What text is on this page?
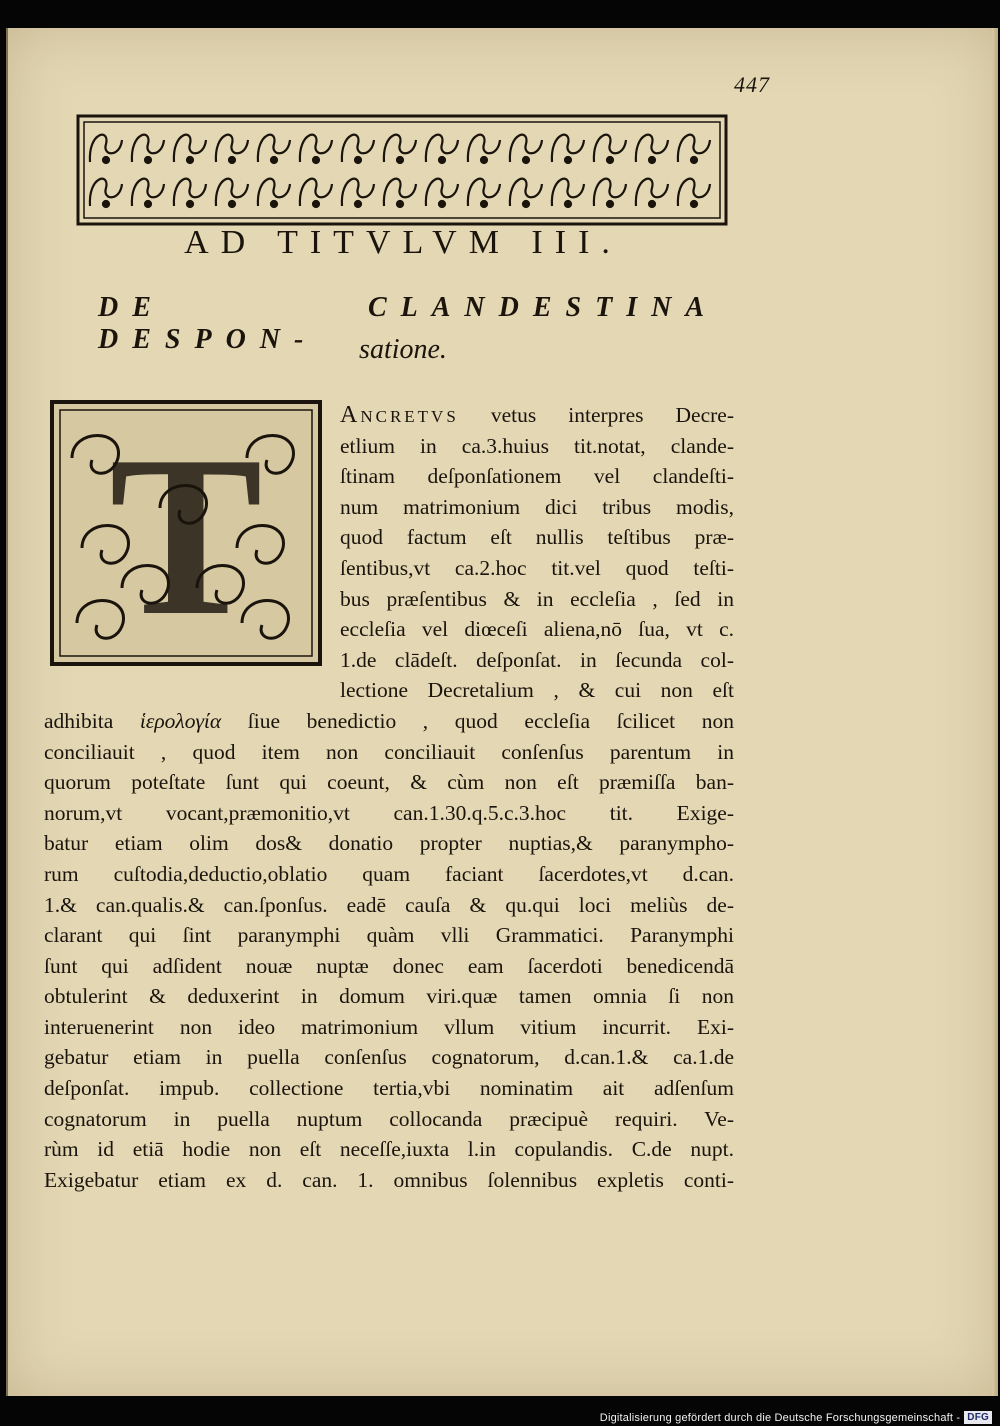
447
AD TITVLVM III.
DE CLANDESTINA DESPON-	satione.
T	Ancretvs vetus interpres Decre-
etlium in ca.3.huius tit.notat, clande-
ſtinam deſponſationem vel clandeſti-
num matrimonium dici tribus modis,
quod factum eſt nullis teſtibus præ-
ſentibus,vt ca.2.hoc tit.vel quod teſti-
bus præſentibus & in eccleſia , ſed in
eccleſia vel diœceſi aliena,nō ſua, vt c.
1.de clādeſt. deſponſat. in ſecunda col-
lectione Decretalium , & cui non eſt
adhibita ἱερολογία ſiue benedictio , quod eccleſia ſcilicet non
conciliauit , quod item non conciliauit conſenſus parentum in
quorum poteſtate ſunt qui coeunt, & cùm non eſt præmiſſa ban-
norum,vt vocant,præmonitio,vt can.1.30.q.5.c.3.hoc tit. Exige-
batur etiam olim dos& donatio propter nuptias,& paranympho-
rum cuſtodia,deductio,oblatio quam faciant ſacerdotes,vt d.can.
1.& can.qualis.& can.ſponſus. eadē cauſa & qu.qui loci meliùs de-
clarant qui ſint paranymphi quàm vlli Grammatici. Paranymphi
ſunt qui adſident nouæ nuptæ donec eam ſacerdoti benedicendā
obtulerint & deduxerint in domum viri.quæ tamen omnia ſi non
interuenerint non ideo matrimonium vllum vitium incurrit. Exi-
gebatur etiam in puella conſenſus cognatorum, d.can.1.& ca.1.de
deſponſat. impub. collectione tertia,vbi nominatim ait adſenſum
cognatorum in puella nuptum collocanda præcipuè requiri. Ve-
rùm id etiā hodie non eſt neceſſe,iuxta l.in copulandis. C.de nupt.
Exigebatur etiam ex d. can. 1. omnibus ſolennibus expletis conti-
Digitalisierung gefördert durch die Deutsche Forschungsgemeinschaft - DFG
